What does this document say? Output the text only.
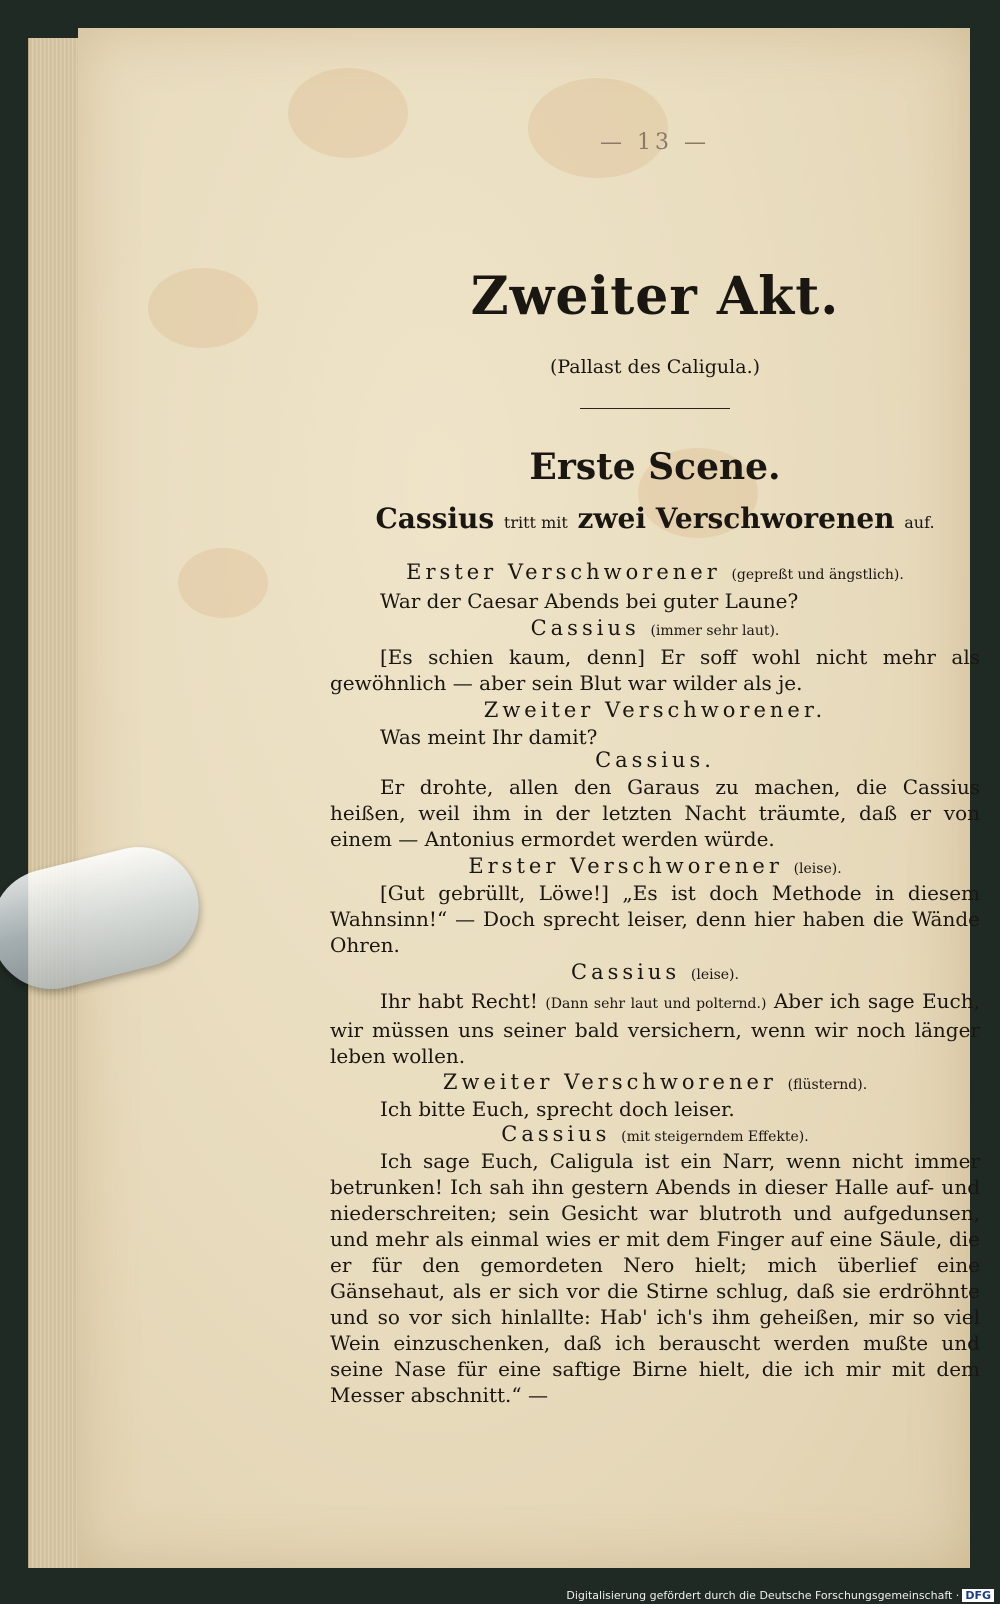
— 13 —
Zweiter Akt.
(Pallast des Caligula.)
Erste Scene.
Cassius tritt mit zwei Verschworenen auf.
Erster Verschworener (gepreßt und ängstlich).
War der Caesar Abends bei guter Laune?
Cassius (immer sehr laut).
[Es schien kaum, denn] Er soff wohl nicht mehr als gewöhnlich — aber sein Blut war wilder als je.
Zweiter Verschworener.
Was meint Ihr damit?
Cassius.
Er drohte, allen den Garaus zu machen, die Cassius heißen, weil ihm in der letzten Nacht träumte, daß er von einem — Antonius ermordet werden würde.
Erster Verschworener (leise).
[Gut gebrüllt, Löwe!] „Es ist doch Methode in diesem Wahnsinn!“ — Doch sprecht leiser, denn hier haben die Wände Ohren.
Cassius (leise).
Ihr habt Recht! (Dann sehr laut und polternd.) Aber ich sage Euch, wir müssen uns seiner bald versichern, wenn wir noch länger leben wollen.
Zweiter Verschworener (flüsternd).
Ich bitte Euch, sprecht doch leiser.
Cassius (mit steigerndem Effekte).
Ich sage Euch, Caligula ist ein Narr, wenn nicht immer betrunken! Ich sah ihn gestern Abends in dieser Halle auf- und niederschreiten; sein Gesicht war blutroth und aufgedunsen, und mehr als einmal wies er mit dem Finger auf eine Säule, die er für den gemordeten Nero hielt; mich überlief eine Gänsehaut, als er sich vor die Stirne schlug, daß sie erdröhnte und so vor sich hinlallte: Hab' ich's ihm geheißen, mir so viel Wein einzuschenken, daß ich berauscht werden mußte und seine Nase für eine saftige Birne hielt, die ich mir mit dem Messer abschnitt.“ —
Digitalisierung gefördert durch die Deutsche Forschungsgemeinschaft · DFG
